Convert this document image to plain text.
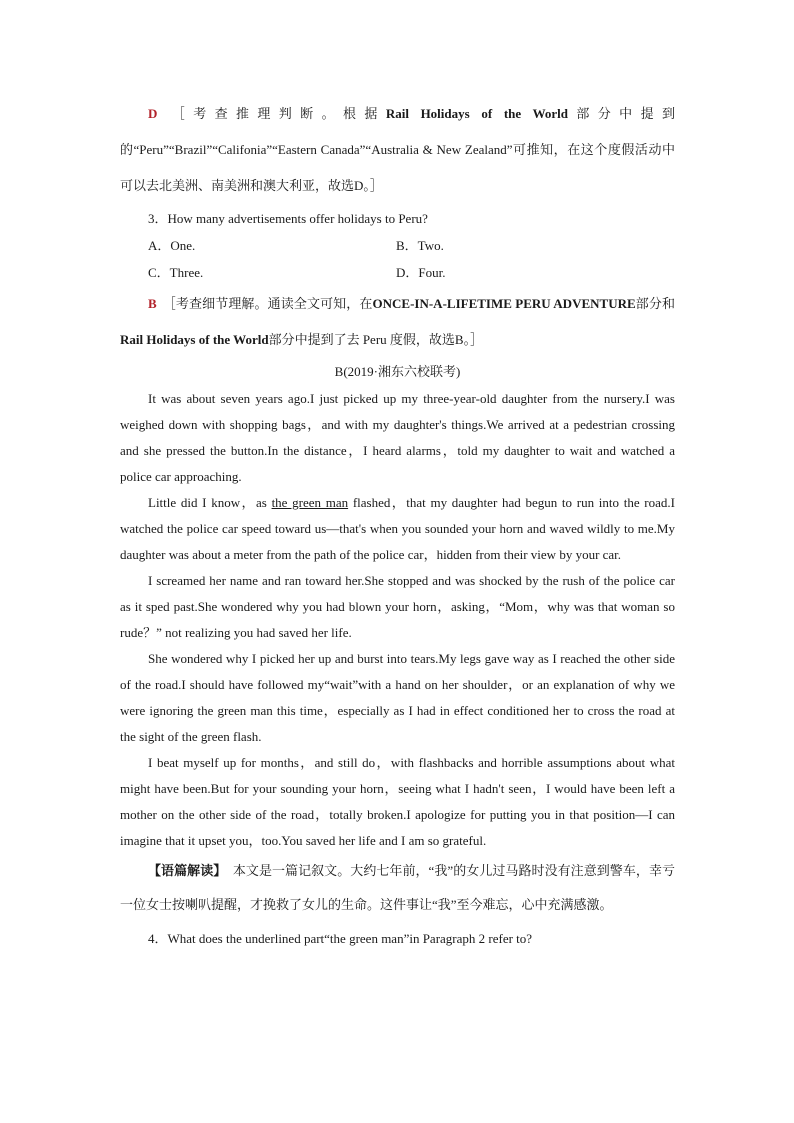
D ［考查推理判断。根据Rail Holidays of the World部分中提到的“Peru”“Brazil”“Califonia”“Eastern Canada”“Australia & New Zealand”可推知，在这个度假活动中可以去北美洲、南美洲和澳大利亚，故选D。］

3．How many advertisements offer holidays to Peru?

A．One.	B．Two.
C．Three.	D．Four.

B ［考查细节理解。通读全文可知，在ONCE-IN-A-LIFETIME PERU ADVENTURE部分和Rail Holidays of the World部分中提到了去 Peru 度假，故选B。］

B(2019·湘东六校联考)

It was about seven years ago.I just picked up my three-year-old daughter from the nursery.I was weighed down with shopping bags，and with my daughter's things.We arrived at a pedestrian crossing and she pressed the button.In the distance，I heard alarms，told my daughter to wait and watched a police car approaching.

Little did I know，as the green man flashed，that my daughter had begun to run into the road.I watched the police car speed toward us—that's when you sounded your horn and waved wildly to me.My daughter was about a meter from the path of the police car，hidden from their view by your car.

I screamed her name and ran toward her.She stopped and was shocked by the rush of the police car as it sped past.She wondered why you had blown your horn，asking，“Mom，why was that woman so rude？” not realizing you had saved her life.

She wondered why I picked her up and burst into tears.My legs gave way as I reached the other side of the road.I should have followed my“wait”with a hand on her shoulder，or an explanation of why we were ignoring the green man this time，especially as I had in effect conditioned her to cross the road at the sight of the green flash.

I beat myself up for months，and still do，with flashbacks and horrible assumptions about what might have been.But for your sounding your horn，seeing what I hadn't seen，I would have been left a mother on the other side of the road，totally broken.I apologize for putting you in that position—I can imagine that it upset you，too.You saved her life and I am so grateful.

【语篇解读】　本文是一篇记叙文。大约七年前，“我”的女儿过马路时没有注意到警车，幸亏一位女士按喇叭提醒，才挽救了女儿的生命。这件事让“我”至今难忘，心中充满感激。

4．What does the underlined part“the green man”in Paragraph 2 refer to?
